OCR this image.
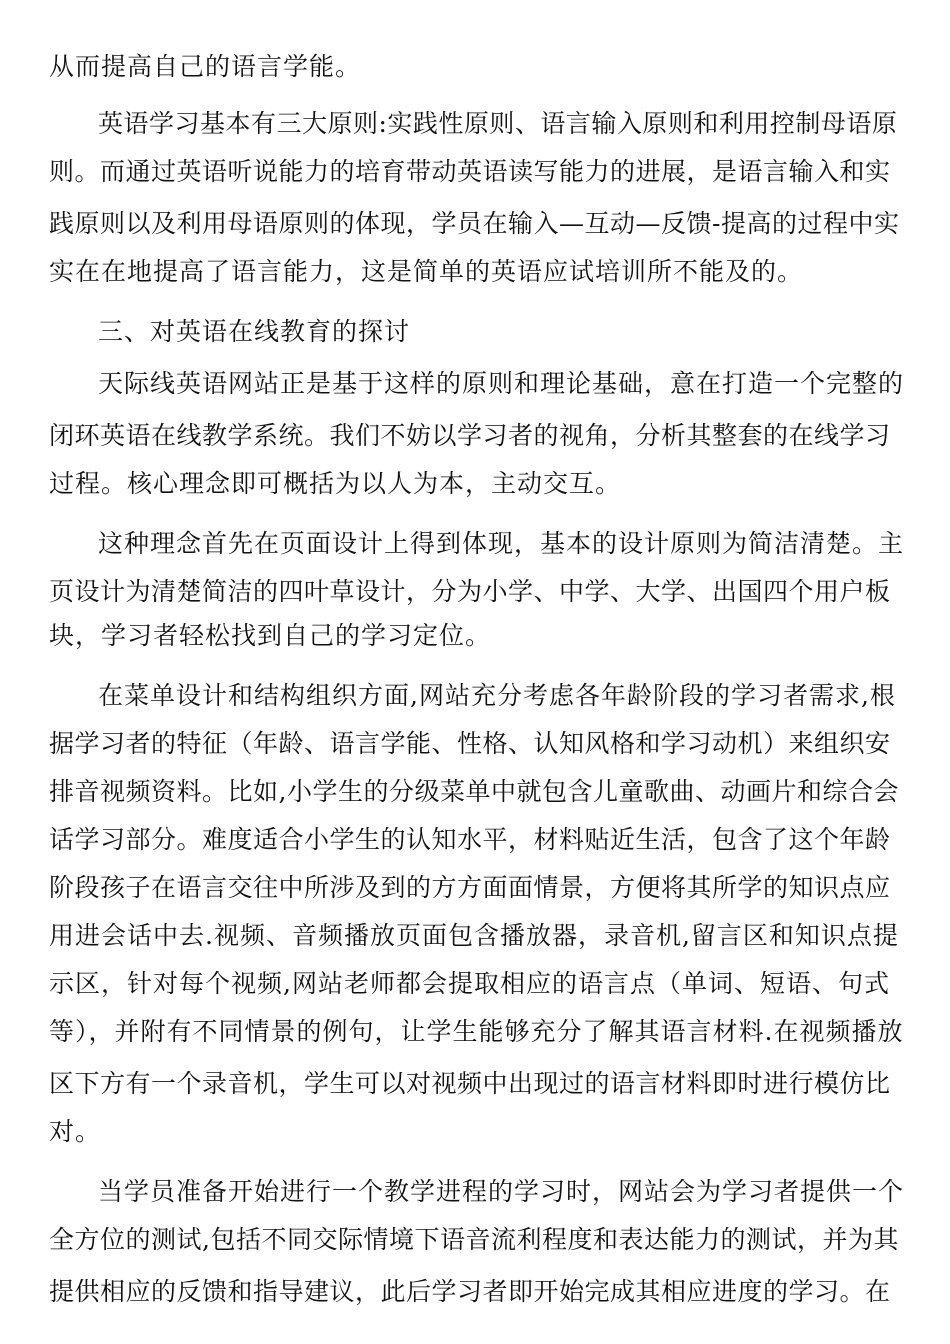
从而提高自己的语言学能。
英语学习基本有三大原则:实践性原则、语言输入原则和利用控制母语原
则。而通过英语听说能力的培育带动英语读写能力的进展，是语言输入和实
践原则以及利用母语原则的体现，学员在输入—互动—反馈-提高的过程中实
实在在地提高了语言能力，这是简单的英语应试培训所不能及的。
三、对英语在线教育的探讨
天际线英语网站正是基于这样的原则和理论基础，意在打造一个完整的
闭环英语在线教学系统。我们不妨以学习者的视角，分析其整套的在线学习
过程。核心理念即可概括为以人为本，主动交互。
这种理念首先在页面设计上得到体现，基本的设计原则为简洁清楚。主
页设计为清楚简洁的四叶草设计，分为小学、中学、大学、出国四个用户板
块，学习者轻松找到自己的学习定位。
在菜单设计和结构组织方面,网站充分考虑各年龄阶段的学习者需求,根
据学习者的特征（年龄、语言学能、性格、认知风格和学习动机）来组织安
排音视频资料。比如,小学生的分级菜单中就包含儿童歌曲、动画片和综合会
话学习部分。难度适合小学生的认知水平，材料贴近生活，包含了这个年龄
阶段孩子在语言交往中所涉及到的方方面面情景，方便将其所学的知识点应
用进会话中去.视频、音频播放页面包含播放器，录音机,留言区和知识点提
示区，针对每个视频,网站老师都会提取相应的语言点（单词、短语、句式
等），并附有不同情景的例句，让学生能够充分了解其语言材料.在视频播放
区下方有一个录音机，学生可以对视频中出现过的语言材料即时进行模仿比
对。
当学员准备开始进行一个教学进程的学习时，网站会为学习者提供一个
全方位的测试,包括不同交际情境下语音流利程度和表达能力的测试，并为其
提供相应的反馈和指导建议，此后学习者即开始完成其相应进度的学习。在
